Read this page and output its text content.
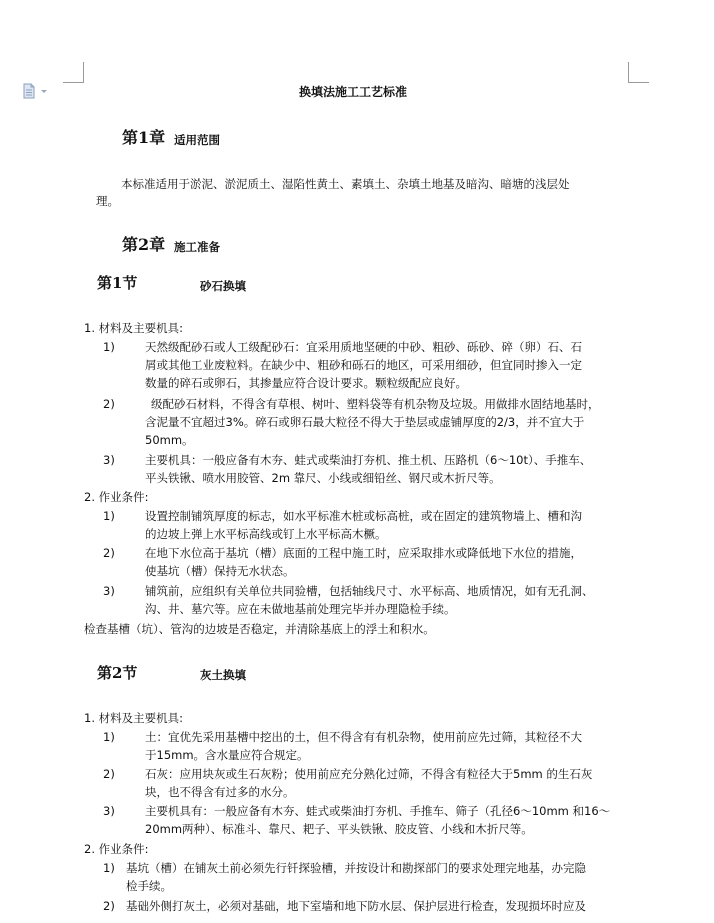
换填法施工工艺标准
第1章 适用范围
本标准适用于淤泥、淤泥质土、湿陷性黄土、素填土、杂填土地基及暗沟、暗塘的浅层处
理。
第2章 施工准备
第1节	砂石换填
1. 材料及主要机具:
1)	天然级配砂石或人工级配砂石：宜采用质地坚硬的中砂、粗砂、砾砂、碎（卵）石、石
屑或其他工业废粒料。在缺少中、粗砂和砾石的地区，可采用细砂，但宜同时掺入一定
数量的碎石或卵石，其掺量应符合设计要求。颗粒级配应良好。
2)	级配砂石材料，不得含有草根、树叶、塑料袋等有机杂物及垃圾。用做排水固结地基时，
含泥量不宜超过3%。碎石或卵石最大粒径不得大于垫层或虚铺厚度的2/3，并不宜大于
50mm。
3)	主要机具：一般应备有木夯、蛙式或柴油打夯机、推土机、压路机（6～10t）、手推车、
平头铁锹、喷水用胶管、2m 靠尺、小线或细铅丝、钢尺或木折尺等。
2. 作业条件:
1)	设置控制铺筑厚度的标志，如水平标准木桩或标高桩，或在固定的建筑物墙上、槽和沟
的边坡上弹上水平标高线或钉上水平标高木橛。
2)	在地下水位高于基坑（槽）底面的工程中施工时，应采取排水或降低地下水位的措施，
使基坑（槽）保持无水状态。
3)	铺筑前，应组织有关单位共同验槽，包括轴线尺寸、水平标高、地质情况，如有无孔洞、
沟、井、墓穴等。应在未做地基前处理完毕并办理隐检手续。
检查基槽（坑）、管沟的边坡是否稳定，并清除基底上的浮土和积水。
第2节	灰土换填
1. 材料及主要机具:
1)	土：宜优先采用基槽中挖出的土，但不得含有有机杂物，使用前应先过筛，其粒径不大
于15mm。含水量应符合规定。
2)	石灰：应用块灰或生石灰粉；使用前应充分熟化过筛，不得含有粒径大于5mm 的生石灰
块，也不得含有过多的水分。
3)	主要机具有：一般应备有木夯、蛙式或柴油打夯机、手推车、筛子（孔径6～10mm 和16～
20mm两种）、标准斗、靠尺、耙子、平头铁锹、胶皮管、小线和木折尺等。
2. 作业条件:
1) 基坑（槽）在铺灰土前必须先行钎探验槽，并按设计和勘探部门的要求处理完地基，办完隐
检手续。
2) 基础外侧打灰土，必须对基础，地下室墙和地下防水层、保护层进行检查，发现损坏时应及
